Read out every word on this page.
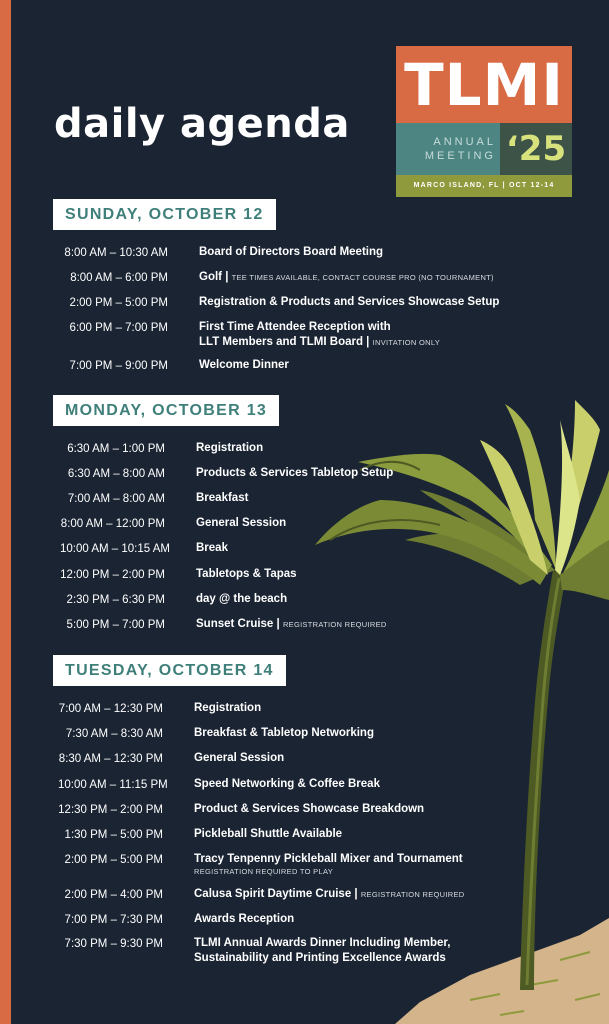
daily agenda
TLMI
ANNUAL
MEETING ‘25
MARCO ISLAND, FL | OCT 12-14
SUNDAY, OCTOBER 12
8:00 AM – 10:30 AM	Board of Directors Board Meeting
8:00 AM – 6:00 PM	Golf | TEE TIMES AVAILABLE, CONTACT COURSE PRO (NO TOURNAMENT)
2:00 PM – 5:00 PM	Registration & Products and Services Showcase Setup
6:00 PM – 7:00 PM	First Time Attendee Reception with
LLT Members and TLMI Board | INVITATION ONLY
7:00 PM – 9:00 PM	Welcome Dinner
MONDAY, OCTOBER 13
6:30 AM – 1:00 PM	Registration
6:30 AM – 8:00 AM	Products & Services Tabletop Setup
7:00 AM – 8:00 AM	Breakfast
8:00 AM – 12:00 PM	General Session
10:00 AM – 10:15 AM Break
12:00 PM – 2:00 PM	Tabletops & Tapas
2:30 PM – 6:30 PM	day @ the beach
5:00 PM – 7:00 PM	Sunset Cruise | REGISTRATION REQUIRED
TUESDAY, OCTOBER 14
7:00 AM – 12:30 PM	Registration
7:30 AM – 8:30 AM	Breakfast & Tabletop Networking
8:30 AM – 12:30 PM	General Session
10:00 AM – 11:15 PM Speed Networking & Coffee Break
12:30 PM – 2:00 PM	Product & Services Showcase Breakdown
1:30 PM – 5:00 PM	Pickleball Shuttle Available
2:00 PM – 5:00 PM	Tracy Tenpenny Pickleball Mixer and Tournament
REGISTRATION REQUIRED TO PLAY
2:00 PM – 4:00 PM	Calusa Spirit Daytime Cruise | REGISTRATION REQUIRED
7:00 PM – 7:30 PM	Awards Reception
7:30 PM – 9:30 PM	TLMI Annual Awards Dinner Including Member,
Sustainability and Printing Excellence Awards
